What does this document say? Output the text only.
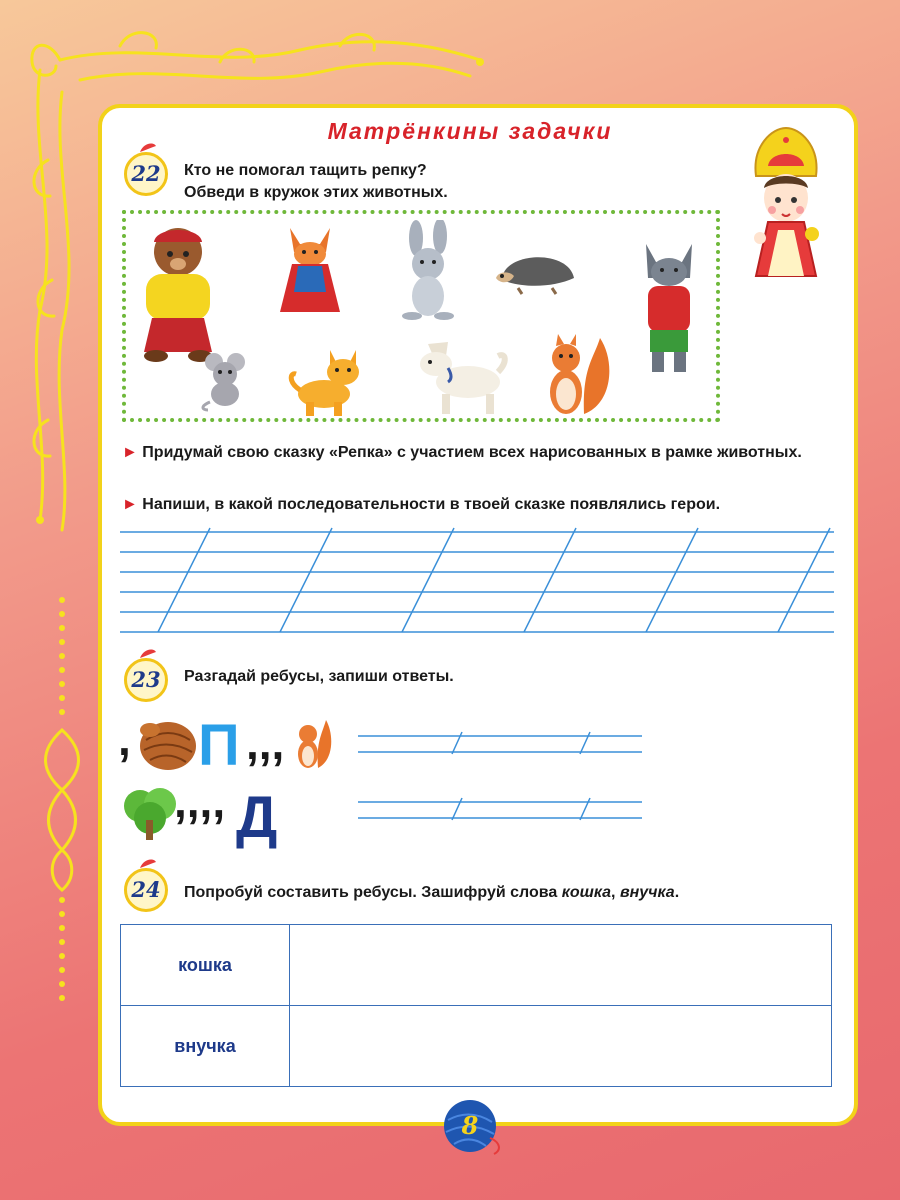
Матрёнкины задачки
22	Кто не помогал тащить репку?
Обведи в кружок этих животных.
► Придумай свою сказку «Репка» с участием всех нарисованных в рамке животных.
► Напиши, в какой последовательности в твоей сказке появлялись герои.
23	Разгадай ребусы, запиши ответы.
, П ,,,
,,,, Д
24	Попробуй составить ребусы. Зашифруй слова кошка, внучка.
кошка	
внучка	
8
